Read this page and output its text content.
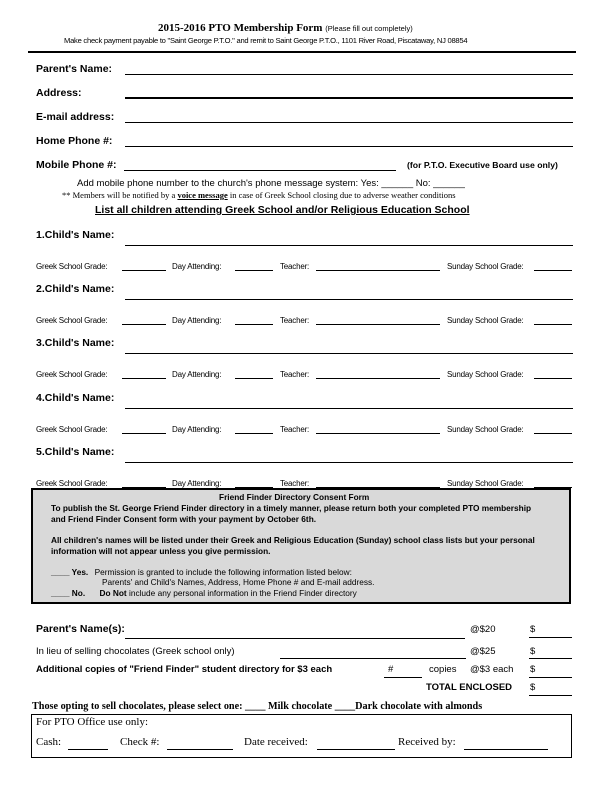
2015-2016 PTO Membership Form (Please fill out completely)
Make check payment payable to "Saint George P.T.O." and remit to Saint George P.T.O., 1101 River Road, Piscataway, NJ 08854
Parent's Name:
Address:
E-mail address:
Home Phone #:
Mobile Phone #:	(for P.T.O. Executive Board use only)
Add mobile phone number to the church's phone message system: Yes: ______ No: ______
** Members will be notified by a voice message in case of Greek School closing due to adverse weather conditions
List all children attending Greek School and/or Religious Education School
1.Child's Name:
Greek School Grade:	Day Attending:	Teacher:	Sunday School Grade:
2.Child's Name:
Greek School Grade:	Day Attending:	Teacher:	Sunday School Grade:
3.Child's Name:
Greek School Grade:	Day Attending:	Teacher:	Sunday School Grade:
4.Child's Name:
Greek School Grade:	Day Attending:	Teacher:	Sunday School Grade:
5.Child's Name:
Greek School Grade:	Day Attending:	Teacher:	Sunday School Grade:
Friend Finder Directory Consent Form
To publish the St. George Friend Finder directory in a timely manner, please return both your completed PTO membership and Friend Finder Consent form with your payment by October 6th.
All children's names will be listed under their Greek and Religious Education (Sunday) school class lists but your personal information will not appear unless you give permission.
____ Yes. Permission is granted to include the following information listed below:
Parents' and Child's Names, Address, Home Phone # and E-mail address.
____ No. Do Not include any personal information in the Friend Finder directory
Parent's Name(s):	@$20	$
In lieu of selling chocolates (Greek school only)	@$25	$
Additional copies of "Friend Finder" student directory for $3 each	#	copies @$3 each $
TOTAL ENCLOSED $
Those opting to sell chocolates, please select one: ____ Milk chocolate ____Dark chocolate with almonds
For PTO Office use only:
Cash:	Check #:	Date received:	Received by:
